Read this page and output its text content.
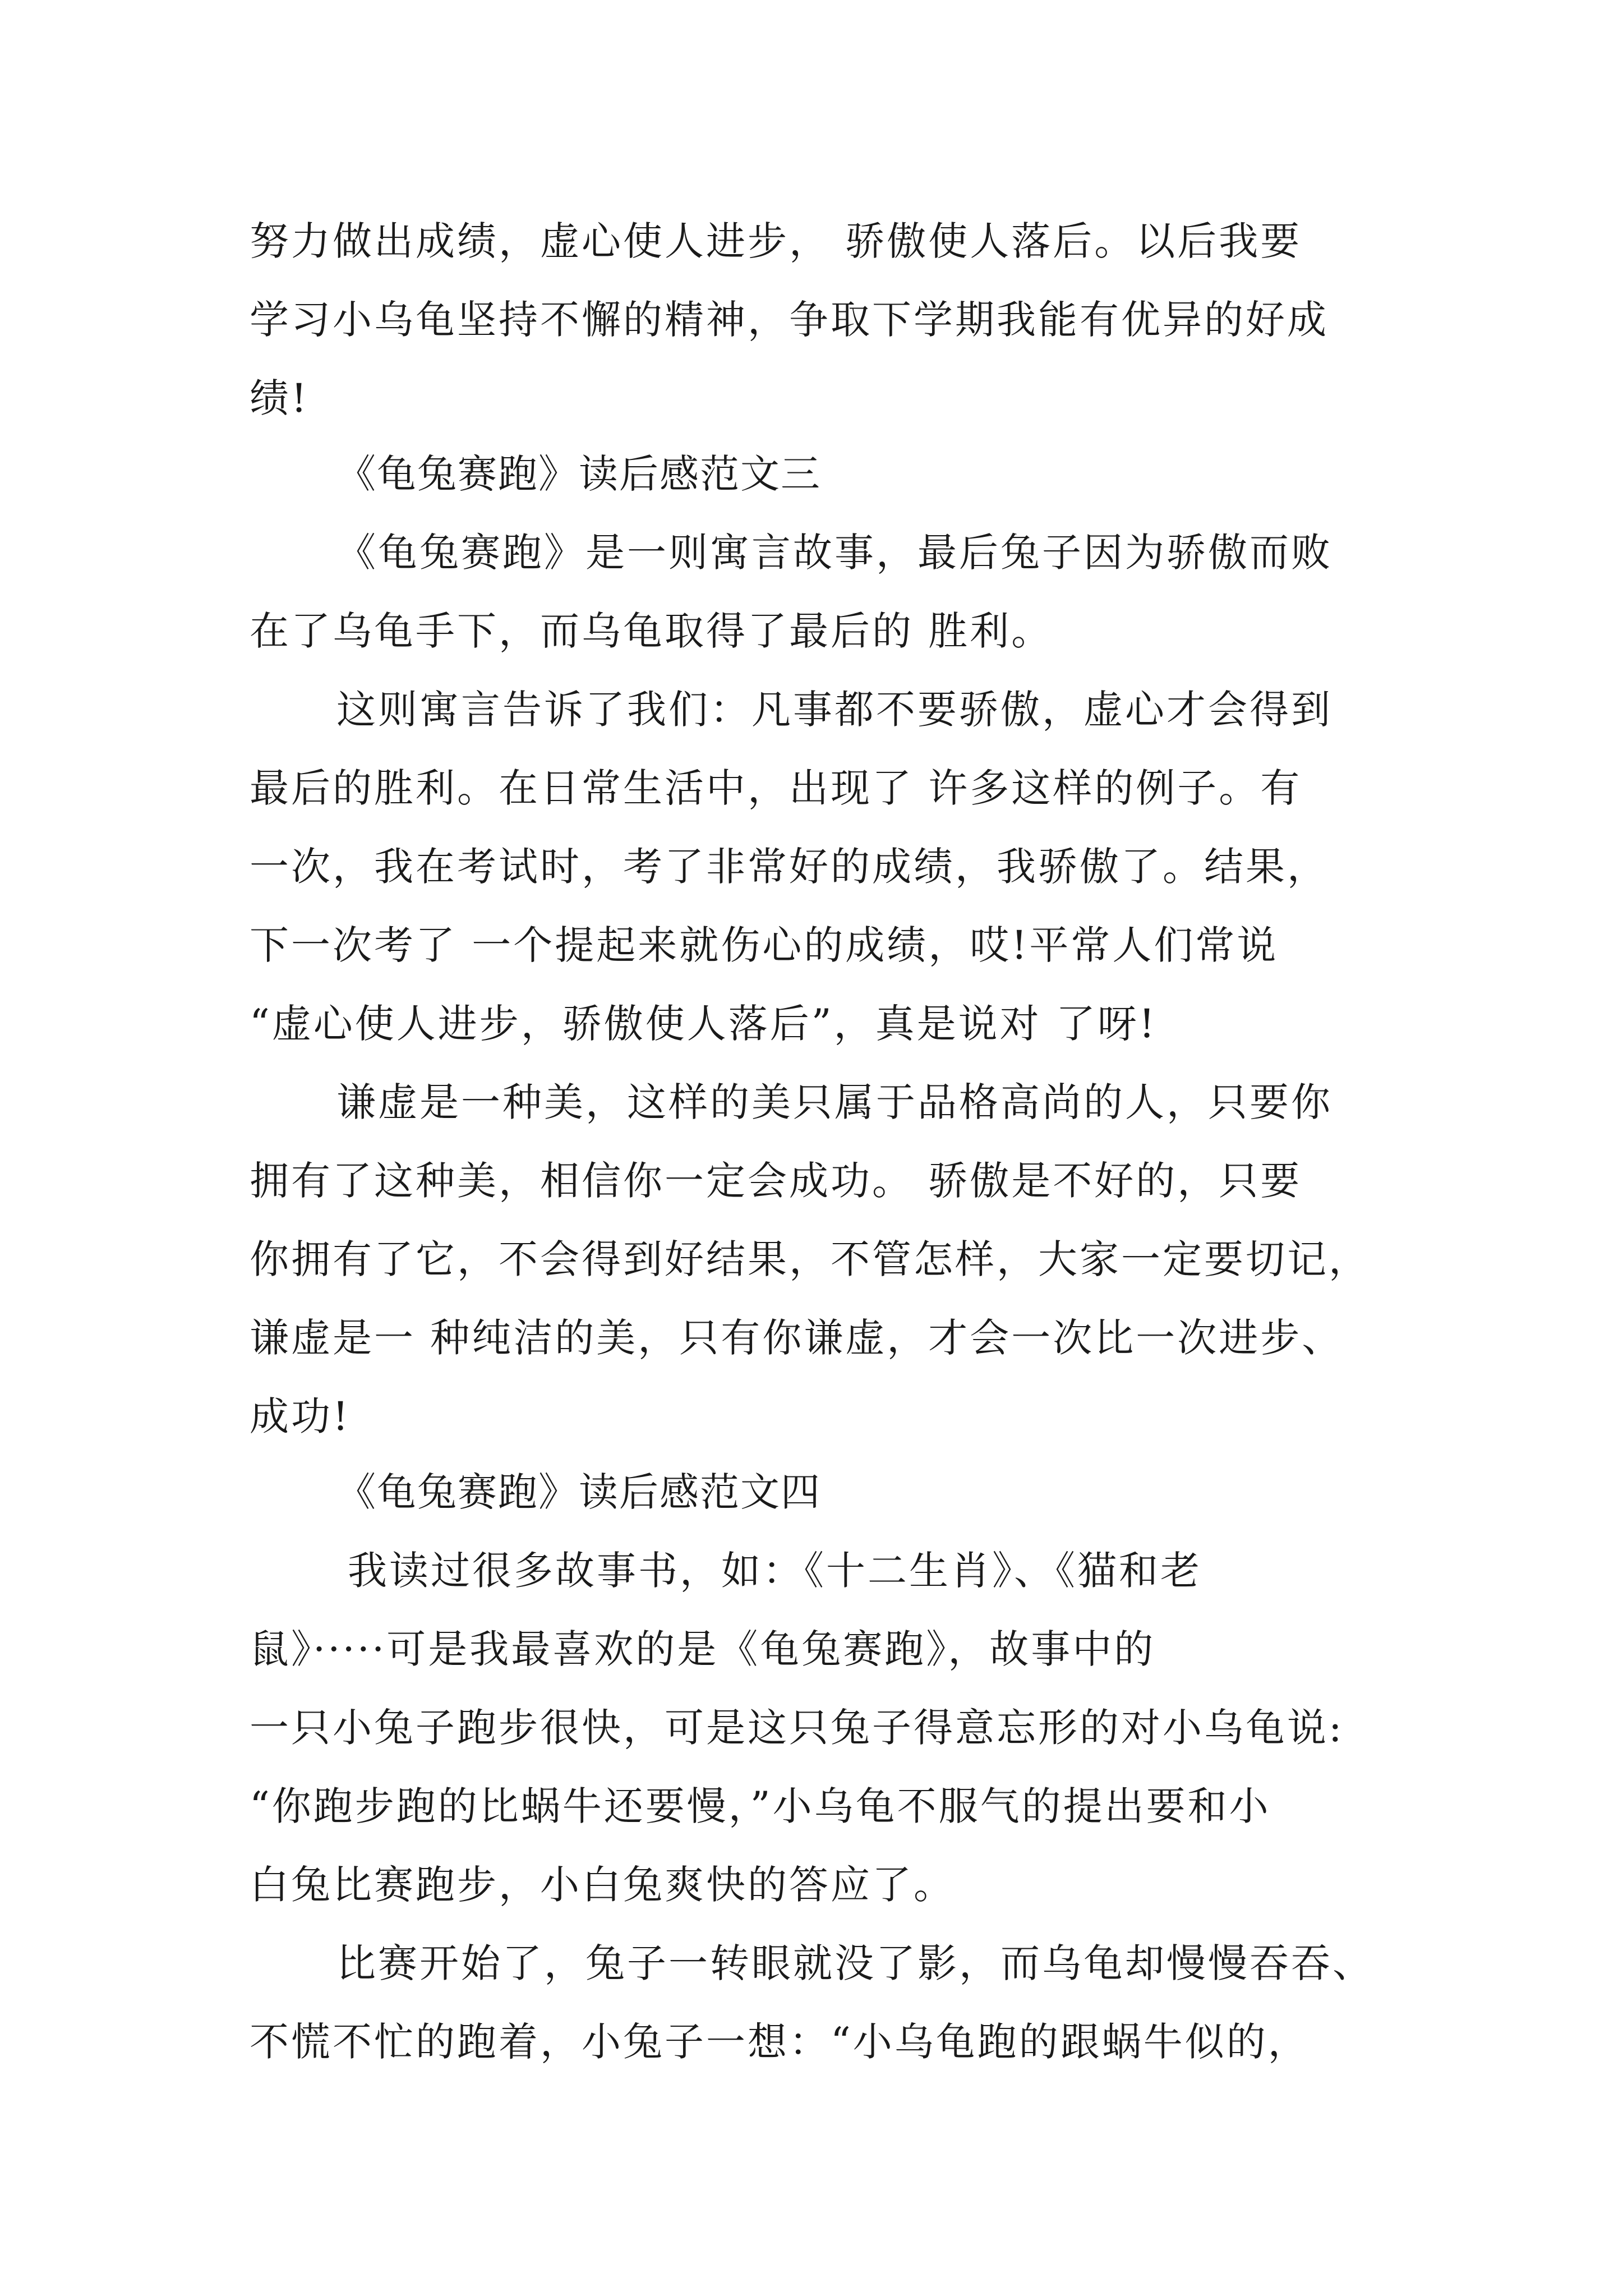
努力做出成绩，虚心使人进步， 骄傲使人落后。以后我要
学习小乌龟坚持不懈的精神，争取下学期我能有优异的好成
绩!
《龟兔赛跑》读后感范文三
《龟兔赛跑》是一则寓言故事，最后兔子因为骄傲而败
在了乌龟手下，而乌龟取得了最后的 胜利。
这则寓言告诉了我们：凡事都不要骄傲，虚心才会得到
最后的胜利。在日常生活中，出现了 许多这样的例子。有
一次，我在考试时，考了非常好的成绩，我骄傲了。结果，
下一次考了 一个提起来就伤心的成绩，哎!平常人们常说
“虚心使人进步，骄傲使人落后”，真是说对 了呀!
谦虚是一种美，这样的美只属于品格高尚的人，只要你
拥有了这种美，相信你一定会成功。 骄傲是不好的，只要
你拥有了它，不会得到好结果，不管怎样，大家一定要切记，
谦虚是一 种纯洁的美，只有你谦虚，才会一次比一次进步、
成功!
《龟兔赛跑》读后感范文四
我读过很多故事书，如：《十二生肖》、《猫和老
鼠》·····可是我最喜欢的是《龟兔赛跑》，故事中的
一只小兔子跑步很快，可是这只兔子得意忘形的对小乌龟说:
“你跑步跑的比蜗牛还要慢，”小乌龟不服气的提出要和小
白兔比赛跑步，小白兔爽快的答应了。
比赛开始了，兔子一转眼就没了影，而乌龟却慢慢吞吞、
不慌不忙的跑着，小兔子一想：“小乌龟跑的跟蜗牛似的，
